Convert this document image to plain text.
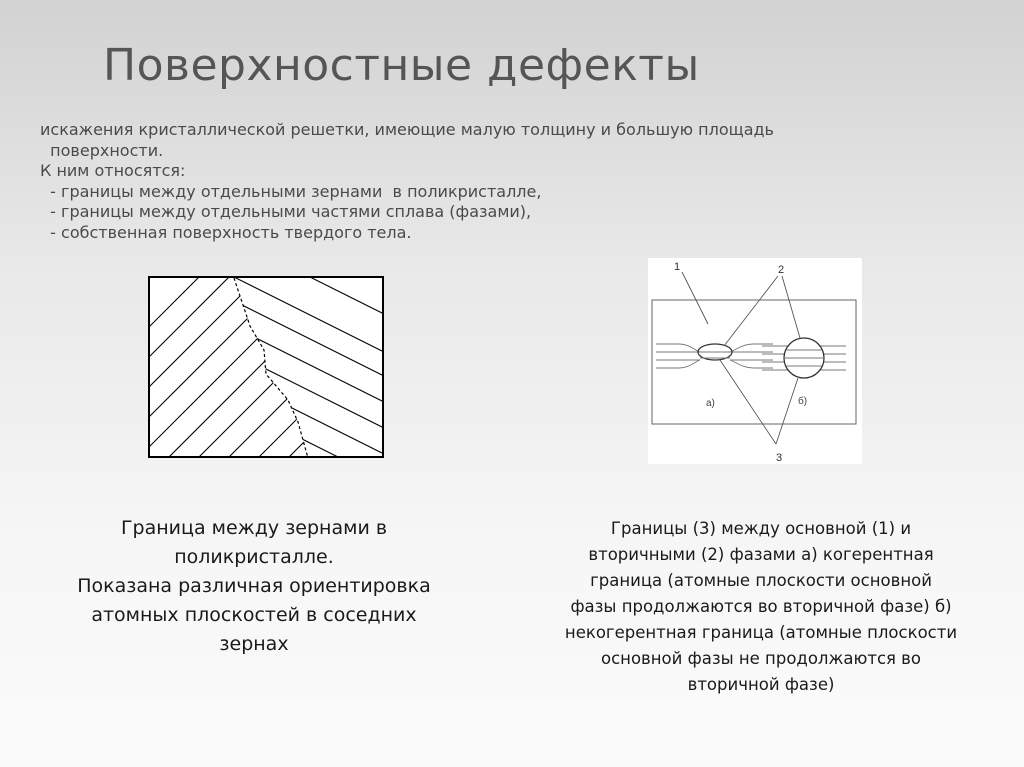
Поверхностные дефекты
искажения кристаллической решетки, имеющие малую толщину и большую площадь
поверхности.
К ним относятся:
- границы между отдельными зернами  в поликристалле,
- границы между отдельными частями сплава (фазами),
- собственная поверхность твердого тела.
1	2
3
а)	б)
Граница между зернами в
поликристалле.
Показана различная ориентировка
атомных плоскостей в соседних
зернах
Границы (3) между основной (1) и
вторичными (2) фазами а) когерентная
граница (атомные плоскости основной
фазы продолжаются во вторичной фазе) б)
некогерентная граница (атомные плоскости
основной фазы не продолжаются во
вторичной фазе)
